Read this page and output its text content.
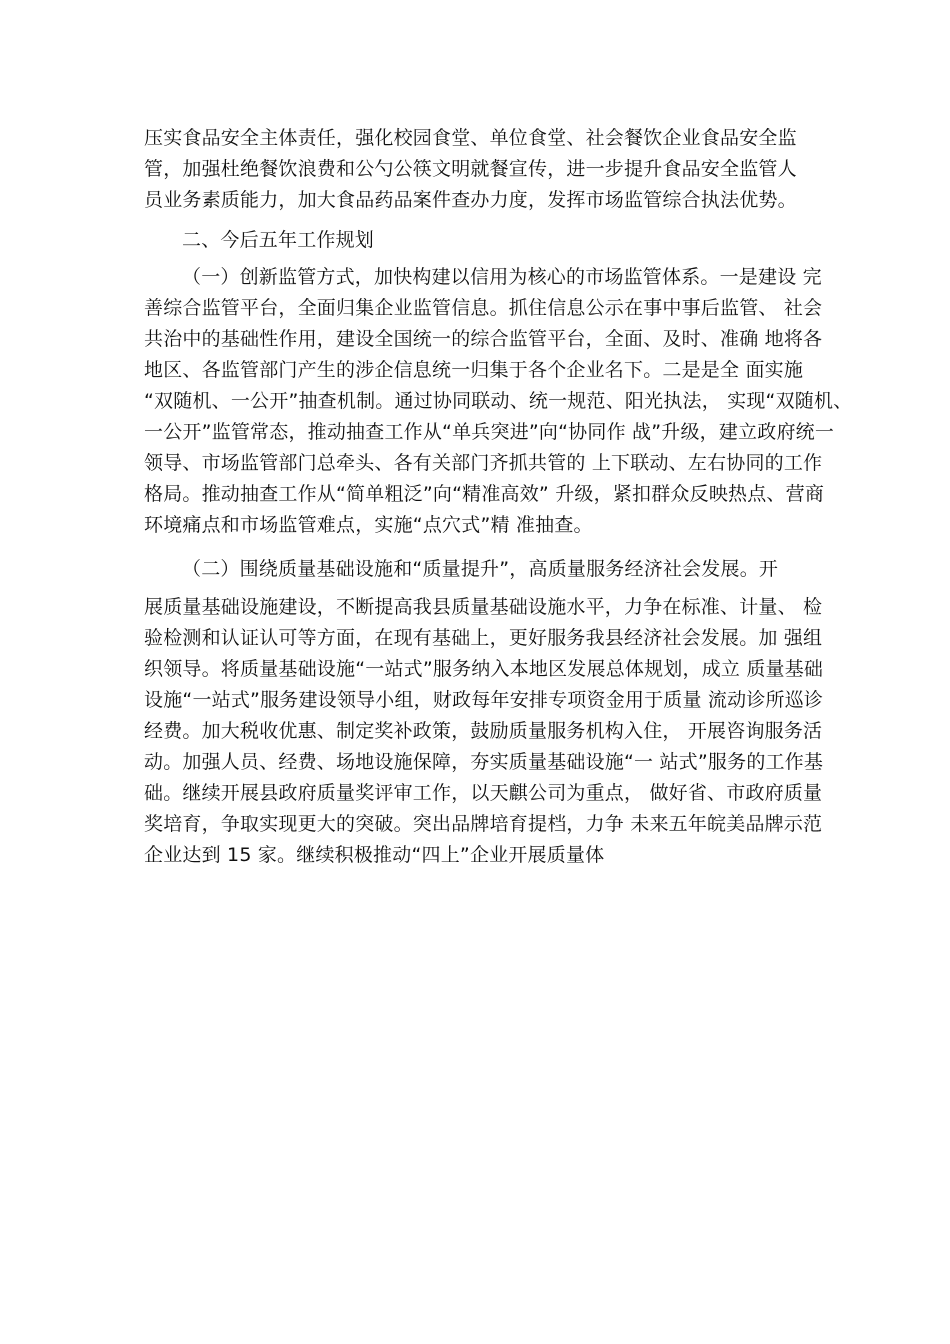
压实食品安全主体责任，强化校园食堂、单位食堂、社会餐饮企业食品安全监
管，加强杜绝餐饮浪费和公勺公筷文明就餐宣传，进一步提升食品安全监管人
员业务素质能力，加大食品药品案件查办力度，发挥市场监管综合执法优势。
二、今后五年工作规划
（一）创新监管方式，加快构建以信用为核心的市场监管体系。一是建设 完
善综合监管平台，全面归集企业监管信息。抓住信息公示在事中事后监管、 社会
共治中的基础性作用，建设全国统一的综合监管平台，全面、及时、准确 地将各
地区、各监管部门产生的涉企信息统一归集于各个企业名下。二是是全 面实施
“双随机、一公开”抽查机制。通过协同联动、统一规范、阳光执法， 实现“双随机、
一公开”监管常态，推动抽查工作从“单兵突进”向“协同作 战”升级，建立政府统一
领导、市场监管部门总牵头、各有关部门齐抓共管的 上下联动、左右协同的工作
格局。推动抽查工作从“简单粗泛”向“精准高效” 升级，紧扣群众反映热点、营商
环境痛点和市场监管难点，实施“点穴式”精 准抽查。
（二）围绕质量基础设施和“质量提升”，高质量服务经济社会发展。开
展质量基础设施建设，不断提高我县质量基础设施水平，力争在标准、计量、 检
验检测和认证认可等方面，在现有基础上，更好服务我县经济社会发展。加 强组
织领导。将质量基础设施“一站式”服务纳入本地区发展总体规划，成立 质量基础
设施“一站式”服务建设领导小组，财政每年安排专项资金用于质量 流动诊所巡诊
经费。加大税收优惠、制定奖补政策，鼓励质量服务机构入住， 开展咨询服务活
动。加强人员、经费、场地设施保障，夯实质量基础设施“一 站式”服务的工作基
础。继续开展县政府质量奖评审工作，以天麒公司为重点， 做好省、市政府质量
奖培育，争取实现更大的突破。突出品牌培育提档，力争 未来五年皖美品牌示范
企业达到 15 家。继续积极推动“四上”企业开展质量体
